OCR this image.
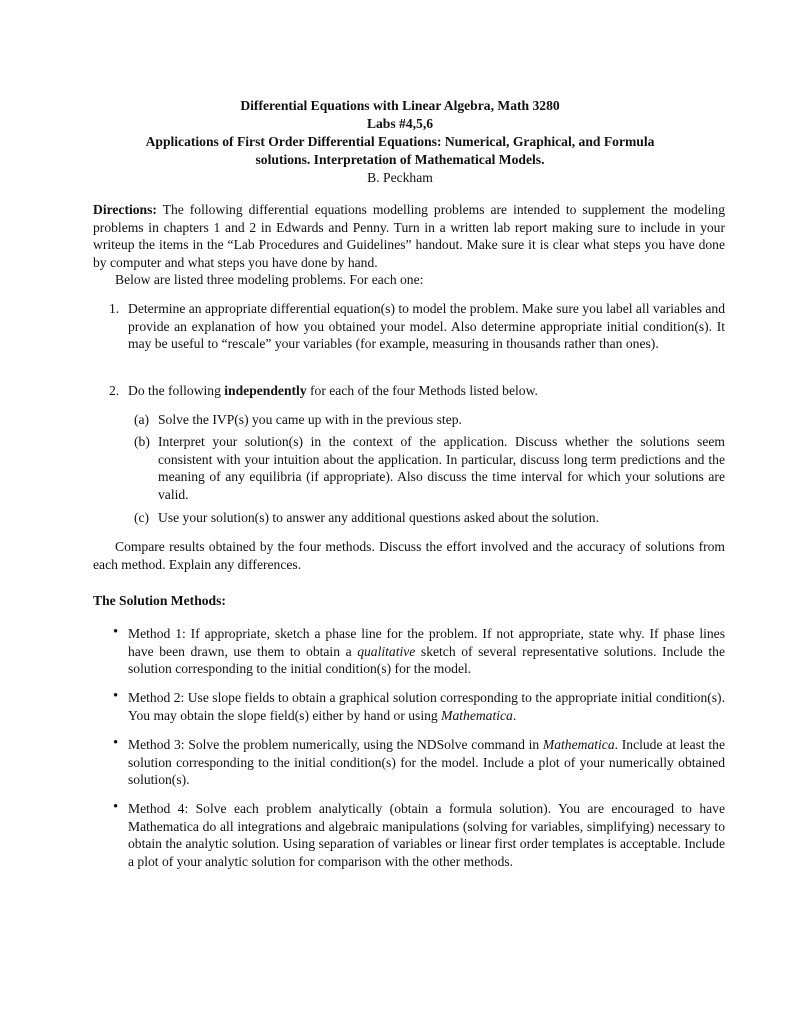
Differential Equations with Linear Algebra, Math 3280
Labs #4,5,6
Applications of First Order Differential Equations: Numerical, Graphical, and Formula
solutions. Interpretation of Mathematical Models.
B. Peckham

Directions: The following differential equations modelling problems are intended to supplement the modeling problems in chapters 1 and 2 in Edwards and Penny. Turn in a written lab report making sure to include in your writeup the items in the “Lab Procedures and Guidelines” handout. Make sure it is clear what steps you have done by computer and what steps you have done by hand.

Below are listed three modeling problems. For each one:

1. Determine an appropriate differential equation(s) to model the problem. Make sure you label all variables and provide an explanation of how you obtained your model. Also determine appropriate initial condition(s). It may be useful to “rescale” your variables (for example, measuring in thousands rather than ones).
2. Do the following independently for each of the four Methods listed below.
(a) Solve the IVP(s) you came up with in the previous step.
(b) Interpret your solution(s) in the context of the application. Discuss whether the solutions seem consistent with your intuition about the application. In particular, discuss long term predictions and the meaning of any equilibria (if appropriate). Also discuss the time interval for which your solutions are valid.
(c) Use your solution(s) to answer any additional questions asked about the solution.

Compare results obtained by the four methods. Discuss the effort involved and the accuracy of solutions from each method. Explain any differences.

The Solution Methods:
• Method 1: If appropriate, sketch a phase line for the problem. If not appropriate, state why. If phase lines have been drawn, use them to obtain a qualitative sketch of several representative solutions. Include the solution corresponding to the initial condition(s) for the model.
• Method 2: Use slope fields to obtain a graphical solution corresponding to the appropriate initial condition(s). You may obtain the slope field(s) either by hand or using Mathematica.
• Method 3: Solve the problem numerically, using the NDSolve command in Mathematica. Include at least the solution corresponding to the initial condition(s) for the model. Include a plot of your numerically obtained solution(s).
• Method 4: Solve each problem analytically (obtain a formula solution). You are encouraged to have Mathematica do all integrations and algebraic manipulations (solving for variables, simplifying) necessary to obtain the analytic solution. Using separation of variables or linear first order templates is acceptable. Include a plot of your analytic solution for comparison with the other methods.
